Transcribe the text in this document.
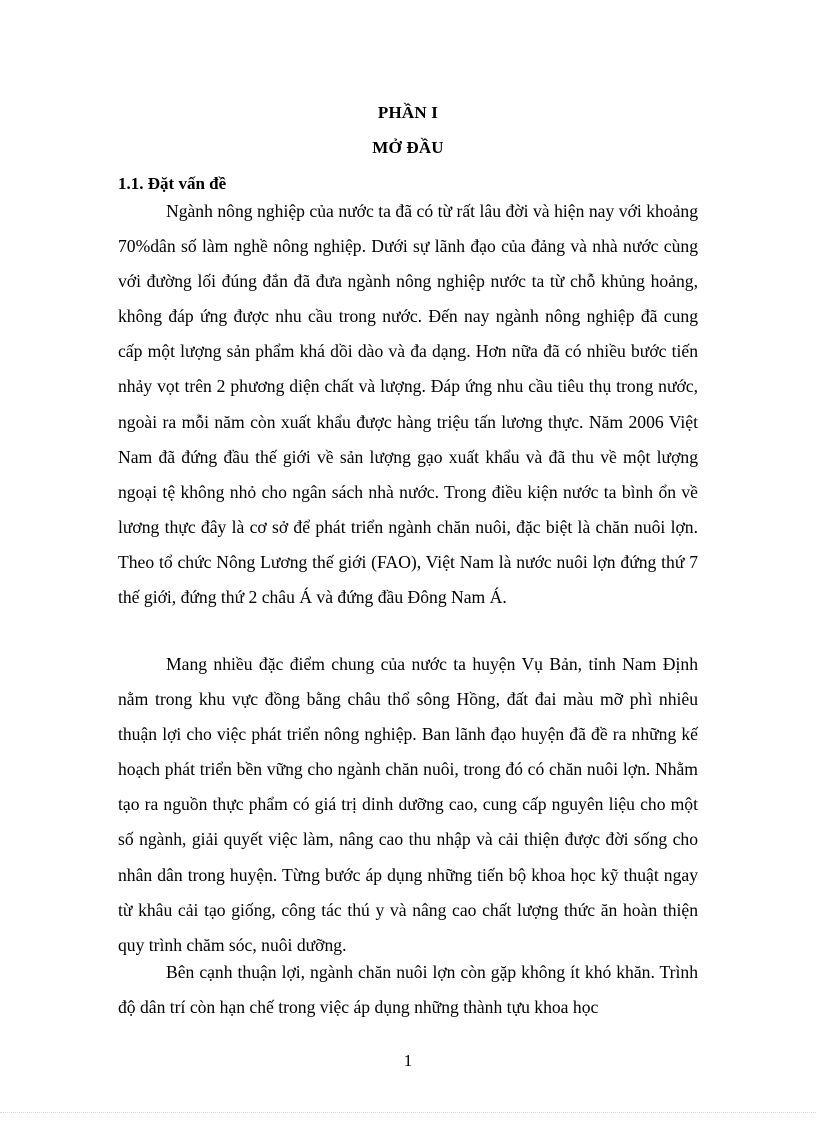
PHẦN I
MỞ ĐẦU
1.1. Đặt vấn đề

Ngành nông nghiệp của nước ta đã có từ rất lâu đời và hiện nay với khoảng 70%dân số làm nghề nông nghiệp. Dưới sự lãnh đạo của đảng và nhà nước cùng với đường lối đúng đắn đã đưa ngành nông nghiệp nước ta từ chỗ khủng hoảng, không đáp ứng được nhu cầu trong nước. Đến nay ngành nông nghiệp đã cung cấp một lượng sản phẩm khá dồi dào và đa dạng. Hơn nữa đã có nhiều bước tiến nhảy vọt trên 2 phương diện chất và lượng. Đáp ứng nhu cầu tiêu thụ trong nước, ngoài ra mỗi năm còn xuất khẩu được hàng triệu tấn lương thực. Năm 2006 Việt Nam đã đứng đầu thế giới về sản lượng gạo xuất khẩu và đã thu về một lượng ngoại tệ không nhỏ cho ngân sách nhà nước. Trong điều kiện nước ta bình ổn về lương thực đây là cơ sở để phát triển ngành chăn nuôi, đặc biệt là chăn nuôi lợn. Theo tổ chức Nông Lương thế giới (FAO), Việt Nam là nước nuôi lợn đứng thứ 7 thế giới, đứng thứ 2 châu Á và đứng đầu Đông Nam Á.

Mang nhiều đặc điểm chung của nước ta huyện Vụ Bản, tỉnh Nam Định nằm trong khu vực đồng bằng châu thổ sông Hồng, đất đai màu mỡ phì nhiêu thuận lợi cho việc phát triển nông nghiệp. Ban lãnh đạo huyện đã đề ra những kế hoạch phát triển bền vững cho ngành chăn nuôi, trong đó có chăn nuôi lợn. Nhằm tạo ra nguồn thực phẩm có giá trị dinh dưỡng cao, cung cấp nguyên liệu cho một số ngành, giải quyết việc làm, nâng cao thu nhập và cải thiện được đời sống cho nhân dân trong huyện. Từng bước áp dụng những tiến bộ khoa học kỹ thuật ngay từ khâu cải tạo giống, công tác thú y và nâng cao chất lượng thức ăn hoàn thiện quy trình chăm sóc, nuôi dưỡng.

Bên cạnh thuận lợi, ngành chăn nuôi lợn còn gặp không ít khó khăn. Trình độ dân trí còn hạn chế trong việc áp dụng những thành tựu khoa học

1
